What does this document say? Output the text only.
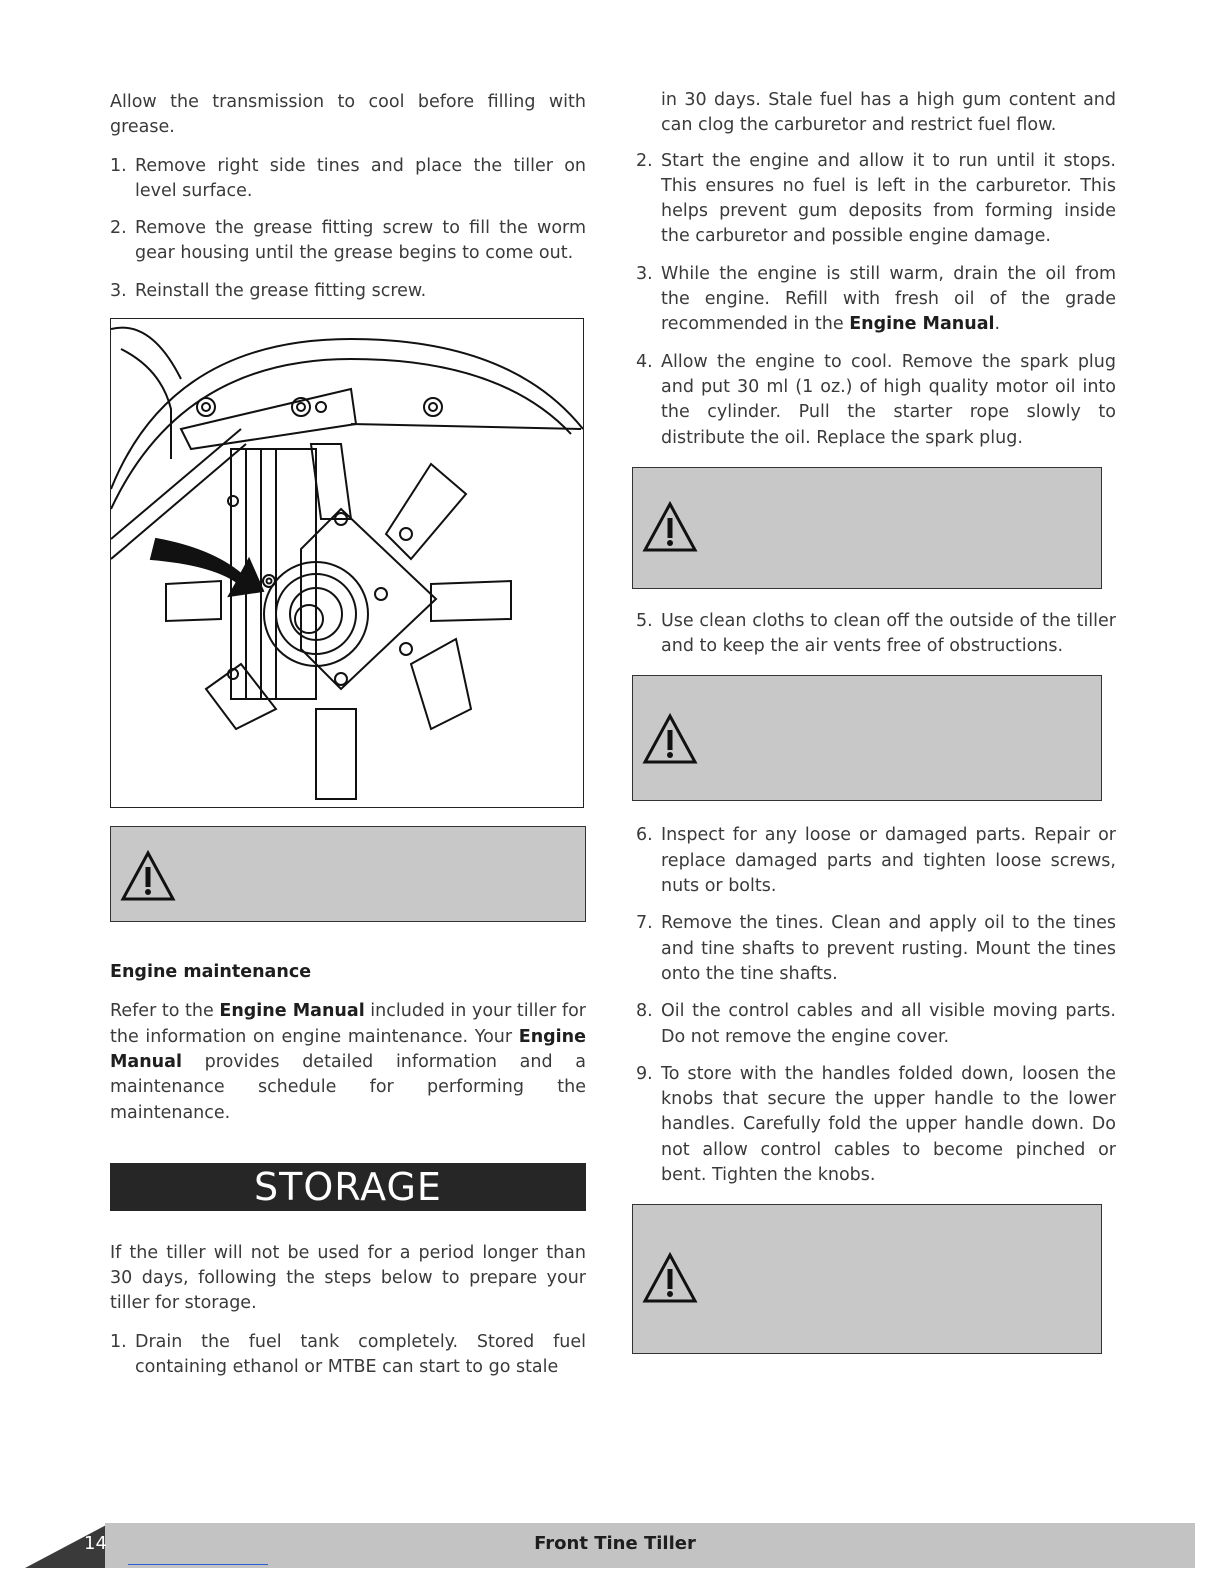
Allow the transmission to cool before filling with grease.

1. Remove right side tines and place the tiller on level surface.
2. Remove the grease fitting screw to fill the worm gear housing until the grease begins to come out.
3. Reinstall the grease fitting screw.
Engine maintenance

Refer to the Engine Manual included in your tiller for the information on engine maintenance. Your Engine Manual provides detailed information and a maintenance schedule for performing the maintenance.

STORAGE

If the tiller will not be used for a period longer than 30 days, following the steps below to prepare your tiller for storage.

1. Drain the fuel tank completely. Stored fuel containing ethanol or MTBE can start to go stale
in 30 days. Stale fuel has a high gum content and can clog the carburetor and restrict fuel flow.
2. Start the engine and allow it to run until it stops. This ensures no fuel is left in the carburetor. This helps prevent gum deposits from forming inside the carburetor and possible engine damage.
3. While the engine is still warm, drain the oil from the engine. Refill with fresh oil of the grade recommended in the Engine Manual.
4. Allow the engine to cool. Remove the spark plug and put 30 ml (1 oz.) of high quality motor oil into the cylinder. Pull the starter rope slowly to distribute the oil. Replace the spark plug.
5. Use clean cloths to clean off the outside of the tiller and to keep the air vents free of obstructions.
6. Inspect for any loose or damaged parts. Repair or replace damaged parts and tighten loose screws, nuts or bolts.
7. Remove the tines. Clean and apply oil to the tines and tine shafts to prevent rusting. Mount the tines onto the tine shafts.
8. Oil the control cables and all visible moving parts. Do not remove the engine cover.
9. To store with the handles folded down, loosen the knobs that secure the upper handle to the lower handles. Carefully fold the upper handle down. Do not allow control cables to become pinched or bent. Tighten the knobs.
14	Front Tine Tiller
